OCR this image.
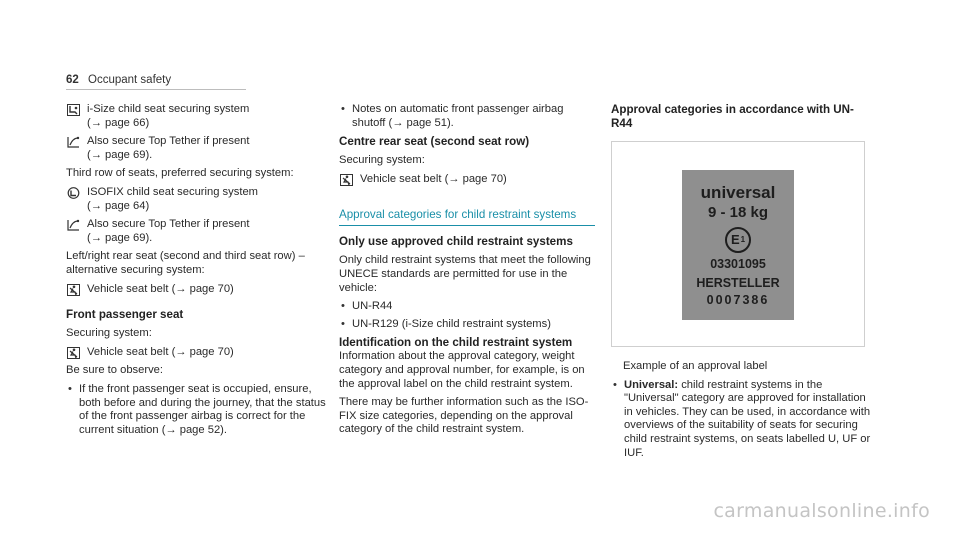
62 Occupant safety

i-Size child seat securing system

(→ page 66)

Also secure Top Tether if present

(→ page 69).

Third row of seats, preferred securing system:

ISOFIX child seat securing system

(→ page 64)

Also secure Top Tether if present

(→ page 69).

Left/right rear seat (second and third seat row) – alternative securing system:

Vehicle seat belt (→ page 70)

Front passenger seat

Securing system:

Vehicle seat belt (→ page 70)

Be sure to observe:

• If the front passenger seat is occupied, ensure, both before and during the journey, that the status of the front passenger airbag is correct for the current situation (→ page 52).
• Notes on automatic front passenger airbag shutoff (→ page 51).
Centre rear seat (second seat row)

Securing system:

Vehicle seat belt (→ page 70)

Approval categories for child restraint systems
Only use approved child restraint systems

Only child restraint systems that meet the following UNECE standards are permitted for use in the vehicle:

• UN-R44
• UN-R129 (i-Size child restraint systems)
Identification on the child restraint system

Information about the approval category, weight category and approval number, for example, is on the approval label on the child restraint system.

There may be further information such as the ISO-FIX size categories, depending on the approval category of the child restraint system.

Approval categories in accordance with UN-R44
universal
9 - 18 kg
E 1
03301095
HERSTELLER
0007386

Example of an approval label

• Universal: child restraint systems in the "Universal" category are approved for installation in vehicles. They can be used, in accordance with overviews of the suitability of seats for securing child restraint systems, on seats labelled U, UF or IUF.
carmanualsonline.info
